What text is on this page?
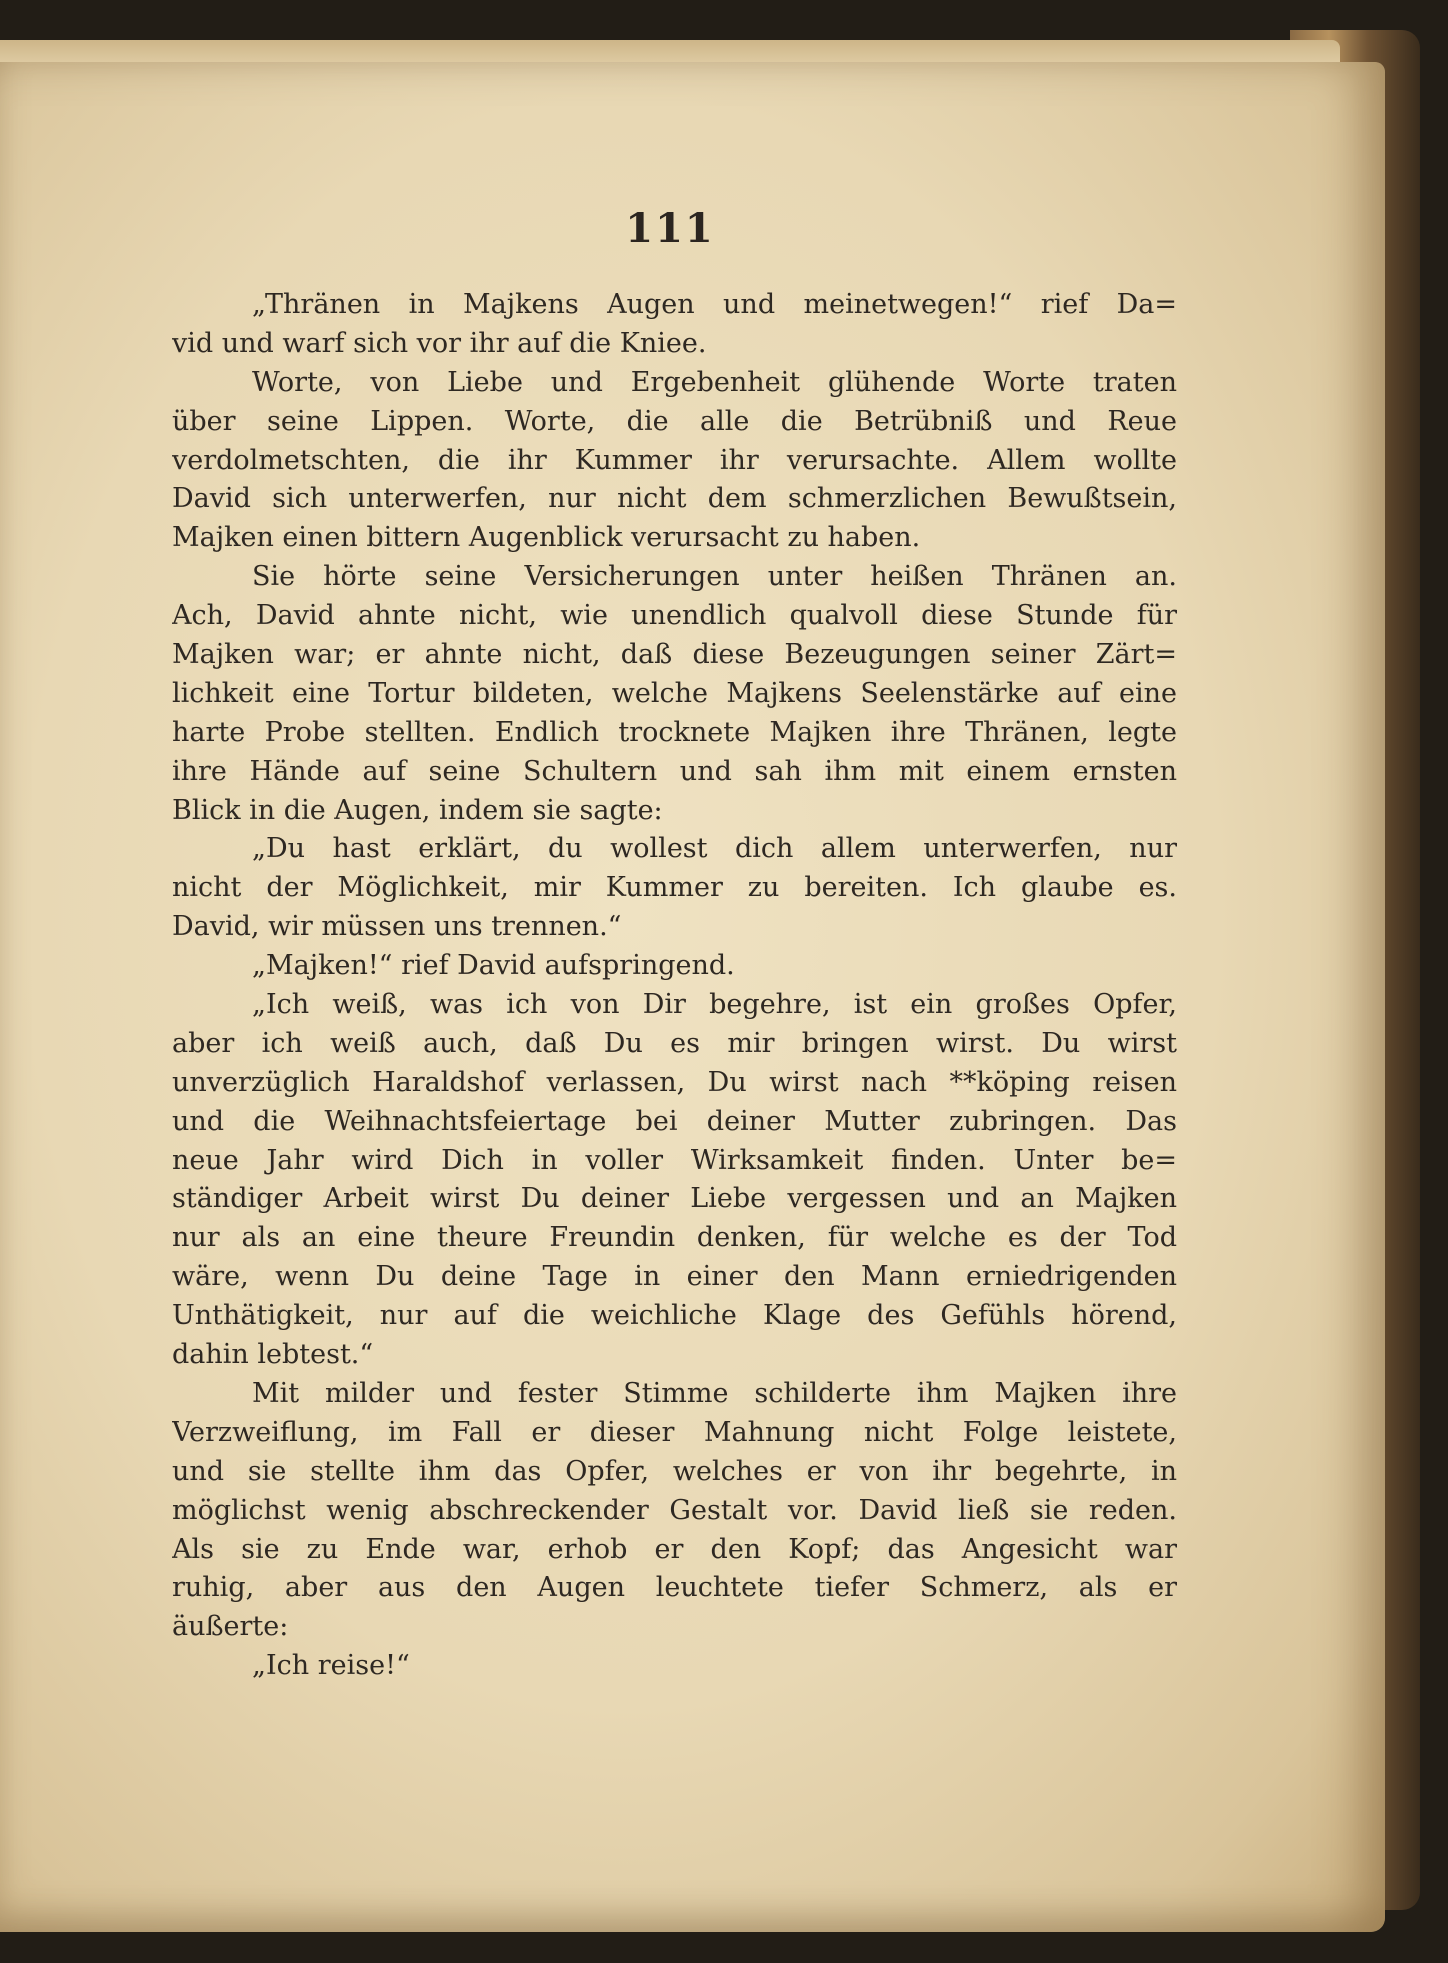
111
„Thränen in Majkens Augen und meinetwegen!“ rief Da=
vid und warf sich vor ihr auf die Kniee.
Worte, von Liebe und Ergebenheit glühende Worte traten
über seine Lippen. Worte, die alle die Betrübniß und Reue
verdolmetschten, die ihr Kummer ihr verursachte. Allem wollte
David sich unterwerfen, nur nicht dem schmerzlichen Bewußtsein,
Majken einen bittern Augenblick verursacht zu haben.
Sie hörte seine Versicherungen unter heißen Thränen an.
Ach, David ahnte nicht, wie unendlich qualvoll diese Stunde für
Majken war; er ahnte nicht, daß diese Bezeugungen seiner Zärt=
lichkeit eine Tortur bildeten, welche Majkens Seelenstärke auf eine
harte Probe stellten. Endlich trocknete Majken ihre Thränen, legte
ihre Hände auf seine Schultern und sah ihm mit einem ernsten
Blick in die Augen, indem sie sagte:
„Du hast erklärt, du wollest dich allem unterwerfen, nur
nicht der Möglichkeit, mir Kummer zu bereiten. Ich glaube es.
David, wir müssen uns trennen.“
„Majken!“ rief David aufspringend.
„Ich weiß, was ich von Dir begehre, ist ein großes Opfer,
aber ich weiß auch, daß Du es mir bringen wirst. Du wirst
unverzüglich Haraldshof verlassen, Du wirst nach **köping reisen
und die Weihnachtsfeiertage bei deiner Mutter zubringen. Das
neue Jahr wird Dich in voller Wirksamkeit finden. Unter be=
ständiger Arbeit wirst Du deiner Liebe vergessen und an Majken
nur als an eine theure Freundin denken, für welche es der Tod
wäre, wenn Du deine Tage in einer den Mann erniedrigenden
Unthätigkeit, nur auf die weichliche Klage des Gefühls hörend,
dahin lebtest.“
Mit milder und fester Stimme schilderte ihm Majken ihre
Verzweiflung, im Fall er dieser Mahnung nicht Folge leistete,
und sie stellte ihm das Opfer, welches er von ihr begehrte, in
möglichst wenig abschreckender Gestalt vor. David ließ sie reden.
Als sie zu Ende war, erhob er den Kopf; das Angesicht war
ruhig, aber aus den Augen leuchtete tiefer Schmerz, als er
äußerte:
„Ich reise!“
